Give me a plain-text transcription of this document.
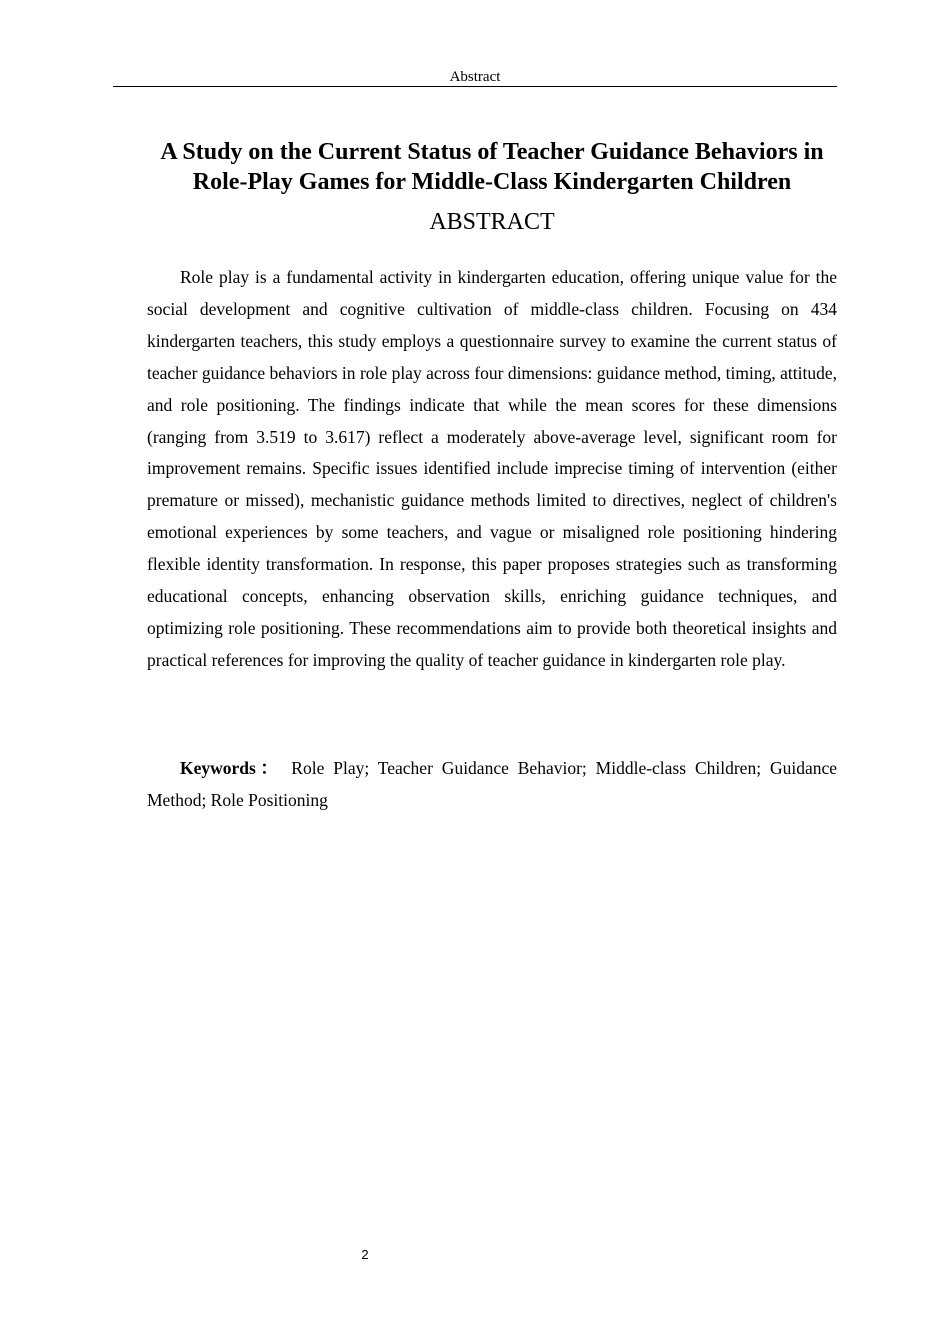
Abstract
A Study on the Current Status of Teacher Guidance Behaviors in Role-Play Games for Middle-Class Kindergarten Children
ABSTRACT

Role play is a fundamental activity in kindergarten education, offering unique value for the social development and cognitive cultivation of middle-class children. Focusing on 434 kindergarten teachers, this study employs a questionnaire survey to examine the current status of teacher guidance behaviors in role play across four dimensions: guidance method, timing, attitude, and role positioning. The findings indicate that while the mean scores for these dimensions (ranging from 3.519 to 3.617) reflect a moderately above-average level, significant room for improvement remains. Specific issues identified include imprecise timing of intervention (either premature or missed), mechanistic guidance methods limited to directives, neglect of children's emotional experiences by some teachers, and vague or misaligned role positioning hindering flexible identity transformation. In response, this paper proposes strategies such as transforming educational concepts, enhancing observation skills, enriching guidance techniques, and optimizing role positioning. These recommendations aim to provide both theoretical insights and practical references for improving the quality of teacher guidance in kindergarten role play.

Keywords： Role Play; Teacher Guidance Behavior; Middle-class Children; Guidance Method; Role Positioning

2
